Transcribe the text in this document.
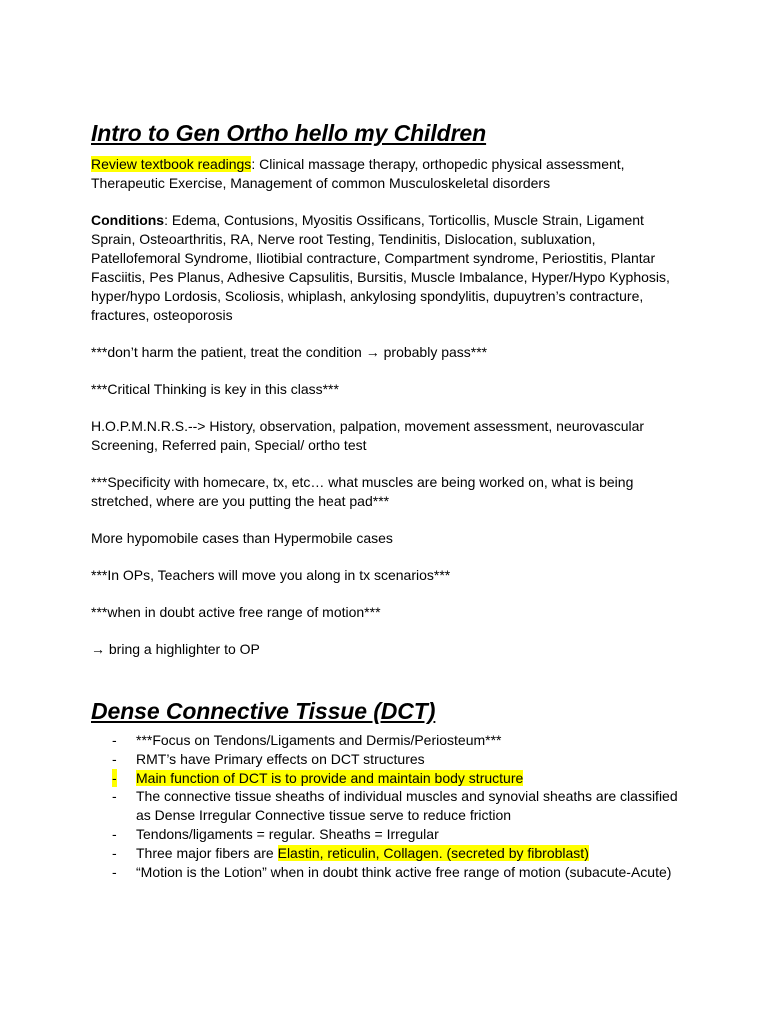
Intro to Gen Ortho hello my Children

Review textbook readings: Clinical massage therapy, orthopedic physical assessment, Therapeutic Exercise, Management of common Musculoskeletal disorders

Conditions: Edema, Contusions, Myositis Ossificans, Torticollis, Muscle Strain, Ligament Sprain, Osteoarthritis, RA, Nerve root Testing, Tendinitis, Dislocation, subluxation, Patellofemoral Syndrome, Iliotibial contracture, Compartment syndrome, Periostitis, Plantar Fasciitis, Pes Planus, Adhesive Capsulitis, Bursitis, Muscle Imbalance, Hyper/Hypo Kyphosis, hyper/hypo Lordosis, Scoliosis, whiplash, ankylosing spondylitis, dupuytren’s contracture, fractures, osteoporosis

***don’t harm the patient, treat the condition → probably pass***

***Critical Thinking is key in this class***

H.O.P.M.N.R.S.--> History, observation, palpation, movement assessment, neurovascular Screening, Referred pain, Special/ ortho test

***Specificity with homecare, tx, etc… what muscles are being worked on, what is being stretched, where are you putting the heat pad***

More hypomobile cases than Hypermobile cases

***In OPs, Teachers will move you along in tx scenarios***

***when in doubt active free range of motion***

→ bring a highlighter to OP

Dense Connective Tissue (DCT)
- ***Focus on Tendons/Ligaments and Dermis/Periosteum***
- RMT’s have Primary effects on DCT structures
- Main function of DCT is to provide and maintain body structure
- The connective tissue sheaths of individual muscles and synovial sheaths are classified as Dense Irregular Connective tissue serve to reduce friction
- Tendons/ligaments = regular. Sheaths = Irregular
- Three major fibers are Elastin, reticulin, Collagen. (secreted by fibroblast)
- “Motion is the Lotion” when in doubt think active free range of motion (subacute-Acute)
